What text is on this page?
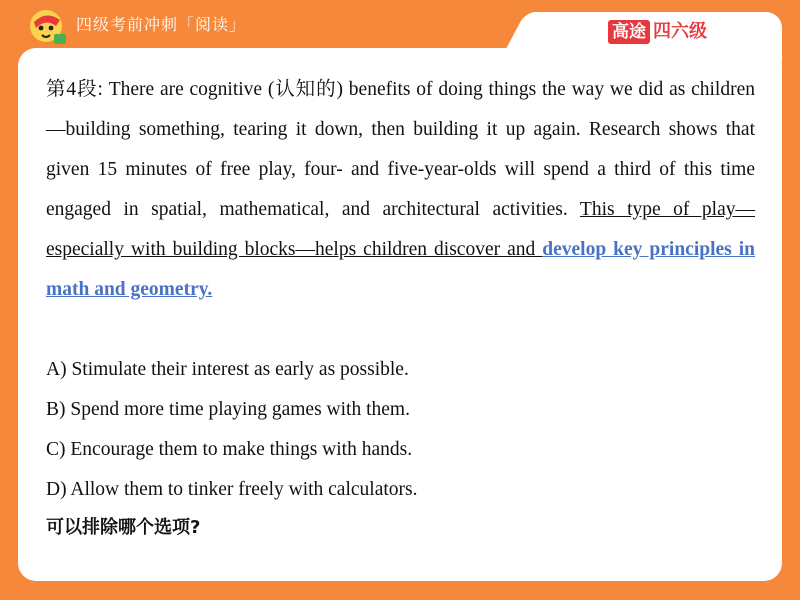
四级考前冲刺「阅读」	高途 四六级

第4段: There are cognitive (认知的) benefits of doing things the way we did as children—building something, tearing it down, then building it up again. Research shows that given 15 minutes of free play, four- and five-year-olds will spend a third of this time engaged in spatial, mathematical, and architectural activities. This type of play—especially with building blocks—helps children discover and develop key principles in math and geometry.

A) Stimulate their interest as early as possible.
B) Spend more time playing games with them.
C) Encourage them to make things with hands.
D) Allow them to tinker freely with calculators.
可以排除哪个选项?
